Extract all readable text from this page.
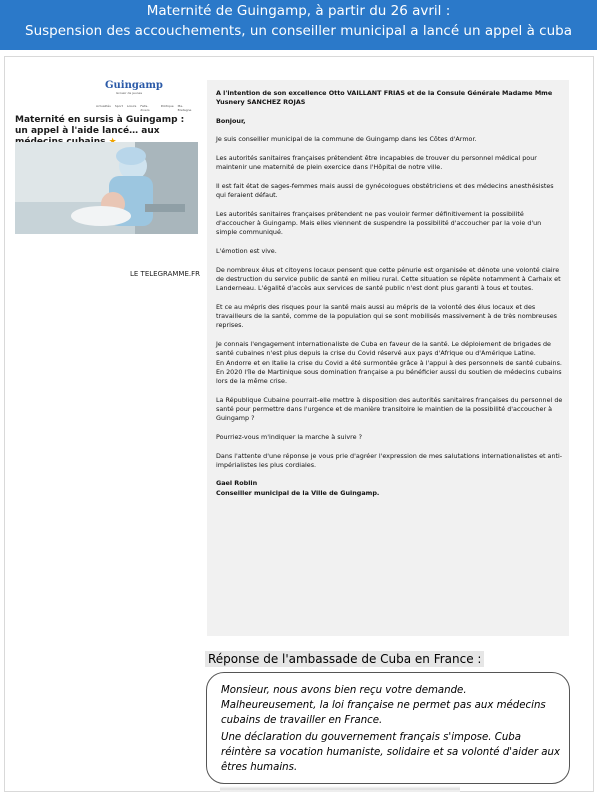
Maternité de Guingamp, à partir du 26 avril :
Suspension des accouchements, un conseiller municipal a lancé un appel à cuba
Guingamp
Grossir de jeunes
Actualités Sport Loisirs Faits-divers
Politique Ma-Bretagne
Maternité en sursis à Guingamp : un appel à l'aide lancé… aux
LE TELEGRAMME.FR

A l'intention de son excellence Otto VAILLANT FRIAS et de la Consule Générale Madame Mme Yusnery SANCHEZ ROJAS

Bonjour,

Je suis conseiller municipal de la commune de Guingamp dans les Côtes d'Armor.

Les autorités sanitaires françaises prétendent être incapables de trouver du personnel médical pour maintenir une maternité de plein exercice dans l'Hôpital de notre ville.

Il est fait état de sages-femmes mais aussi de gynécologues obstétriciens et des médecins anesthésistes qui feraient défaut.

Les autorités sanitaires françaises prétendent ne pas vouloir fermer définitivement la possibilité d'accoucher à Guingamp. Mais elles viennent de suspendre la possibilité d'accoucher par la voie d'un simple communiqué.

L'émotion est vive.

De nombreux élus et citoyens locaux pensent que cette pénurie est organisée et dénote une volonté claire de destruction du service public de santé en milieu rural. Cette situation se répète notamment à Carhaix et Landerneau. L'égalité d'accès aux services de santé public n'est dont plus garanti à tous et toutes.

Et ce au mépris des risques pour la santé mais aussi au mépris de la volonté des élus locaux et des travailleurs de la santé, comme de la population qui se sont mobilisés massivement à de très nombreuses reprises.

Je connais l'engagement internationaliste de Cuba en faveur de la santé. Le déploiement de brigades de santé cubaines n'est plus depuis la crise du Covid réservé aux pays d'Afrique ou d'Amérique Latine.
En Andorre et en Italie la crise du Covid a été surmontée grâce à l'appui à des personnels de santé cubains. En 2020 l'île de Martinique sous domination française a pu bénéficier aussi du soutien de médecins cubains lors de la même crise.

La République Cubaine pourrait-elle mettre à disposition des autorités sanitaires françaises du personnel de santé pour permettre dans l'urgence et de manière transitoire le maintien de la possibilité d'accoucher à Guingamp ?

Pourriez-vous m'indiquer la marche à suivre ?

Dans l'attente d'une réponse je vous prie d'agréer l'expression de mes salutations internationalistes et anti-impérialistes les plus cordiales.

Gael Roblin
Conseiller municipal de la Ville de Guingamp.
Réponse de l'ambassade de Cuba en France :

Monsieur, nous avons bien reçu votre demande. Malheureusement, la loi française ne permet pas aux médecins cubains de travailler en France.

Une déclaration du gouvernement français s'impose. Cuba réintère sa vocation humaniste, solidaire et sa volonté d'aider aux êtres humains.
